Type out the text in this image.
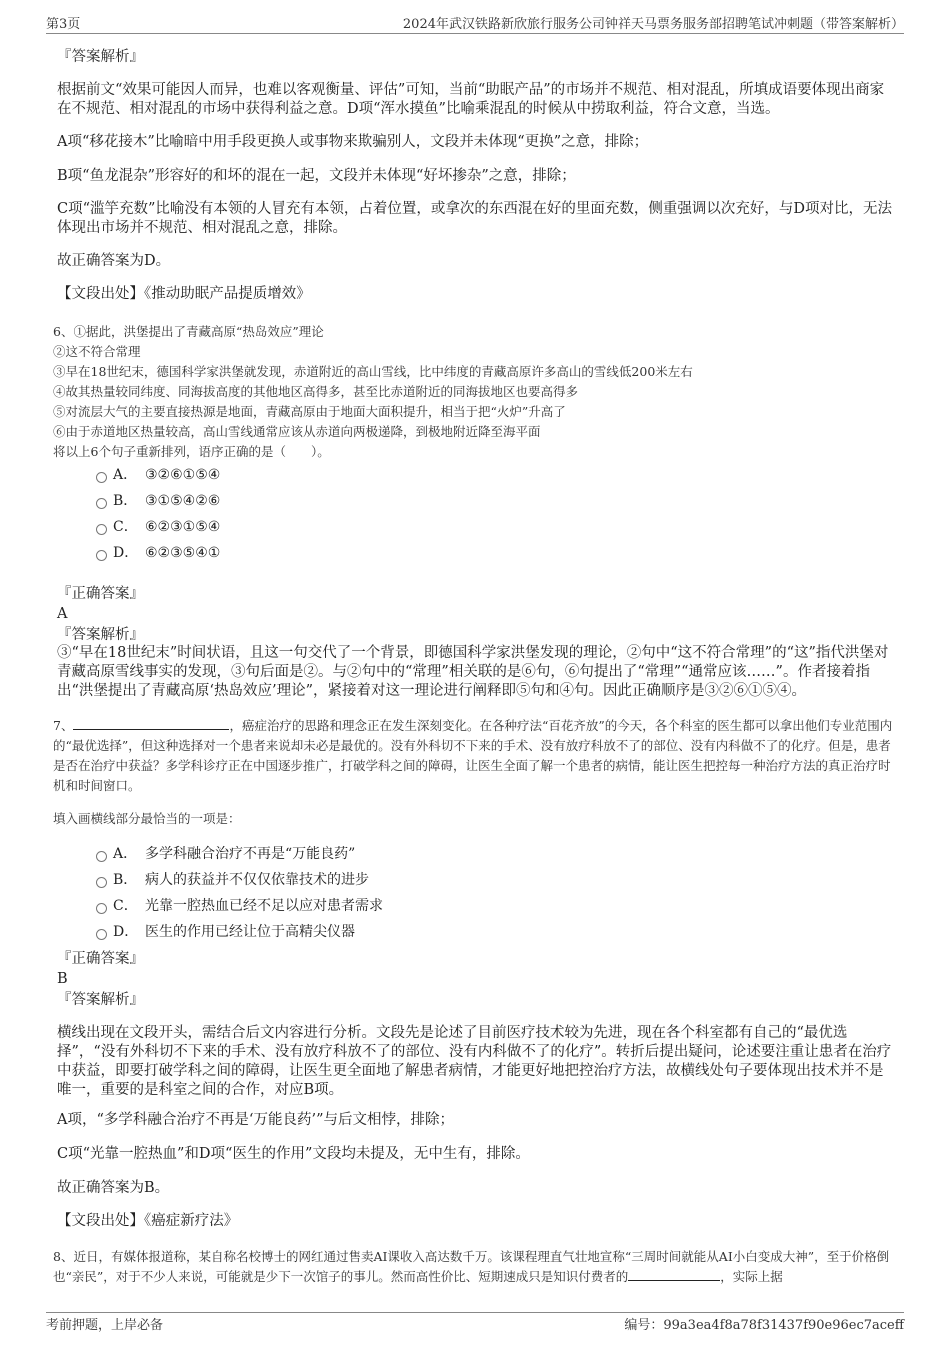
第3页	2024年武汉铁路新欣旅行服务公司钟祥天马票务服务部招聘笔试冲刺题（带答案解析）
『答案解析』
根据前文“效果可能因人而异，也难以客观衡量、评估”可知，当前“助眠产品”的市场并不规范、相对混乱，所填成语要体现出商家在不规范、相对混乱的市场中获得利益之意。D项“浑水摸鱼”比喻乘混乱的时候从中捞取利益，符合文意，当选。
A项“移花接木”比喻暗中用手段更换人或事物来欺骗别人，文段并未体现“更换”之意，排除；
B项“鱼龙混杂”形容好的和坏的混在一起，文段并未体现“好坏掺杂”之意，排除；
C项“滥竽充数”比喻没有本领的人冒充有本领，占着位置，或拿次的东西混在好的里面充数，侧重强调以次充好，与D项对比，无法体现出市场并不规范、相对混乱之意，排除。
故正确答案为D。
【文段出处】《推动助眠产品提质增效》
6、①据此，洪堡提出了青藏高原“热岛效应”理论
②这不符合常理
③早在18世纪末，德国科学家洪堡就发现，赤道附近的高山雪线，比中纬度的青藏高原许多高山的雪线低200米左右
④故其热量较同纬度、同海拔高度的其他地区高得多，甚至比赤道附近的同海拔地区也要高得多
⑤对流层大气的主要直接热源是地面，青藏高原由于地面大面积提升，相当于把“火炉”升高了
⑥由于赤道地区热量较高，高山雪线通常应该从赤道向两极递降，到极地附近降至海平面
将以上6个句子重新排列，语序正确的是（　　）。
A． ③②⑥①⑤④
B． ③①⑤④②⑥
C． ⑥②③①⑤④
D． ⑥②③⑤④①
『正确答案』
A
『答案解析』
③“早在18世纪末”时间状语，且这一句交代了一个背景，即德国科学家洪堡发现的理论，②句中“这不符合常理”的“这”指代洪堡对青藏高原雪线事实的发现，③句后面是②。与②句中的“常理”相关联的是⑥句，⑥句提出了“常理”“通常应该……”。作者接着指出“洪堡提出了青藏高原‘热岛效应’理论”，紧接着对这一理论进行阐释即⑤句和④句。因此正确顺序是③②⑥①⑤④。
7、	，癌症治疗的思路和理念正在发生深刻变化。在各种疗法“百花齐放”的今天，各个科室的医生都可以拿出他们专业范围内的“最优选择”，但这种选择对一个患者来说却未必是最优的。没有外科切不下来的手术、没有放疗科放不了的部位、没有内科做不了的化疗。但是，患者是否在治疗中获益？多学科诊疗正在中国逐步推广，打破学科之间的障碍，让医生全面了解一个患者的病情，能让医生把控每一种治疗方法的真正治疗时机和时间窗口。
填入画横线部分最恰当的一项是：
A． 多学科融合治疗不再是“万能良药”
B． 病人的获益并不仅仅依靠技术的进步
C． 光靠一腔热血已经不足以应对患者需求
D． 医生的作用已经让位于高精尖仪器
『正确答案』
B
『答案解析』
横线出现在文段开头，需结合后文内容进行分析。文段先是论述了目前医疗技术较为先进，现在各个科室都有自己的“最优选择”，“没有外科切不下来的手术、没有放疗科放不了的部位、没有内科做不了的化疗”。转折后提出疑问，论述要注重让患者在治疗中获益，即要打破学科之间的障碍，让医生更全面地了解患者病情，才能更好地把控治疗方法，故横线处句子要体现出技术并不是唯一，重要的是科室之间的合作，对应B项。
A项，“多学科融合治疗不再是‘万能良药’”与后文相悖，排除；
C项“光靠一腔热血”和D项“医生的作用”文段均未提及，无中生有，排除。
故正确答案为B。
【文段出处】《癌症新疗法》
8、近日，有媒体报道称，某自称名校博士的网红通过售卖AI课收入高达数千万。该课程理直气壮地宣称“三周时间就能从AI小白变成大神”，至于价格倒也“亲民”，对于不少人来说，可能就是少下一次馆子的事儿。然而高性价比、短期速成只是知识付费者的	，实际上据
考前押题，上岸必备	编号：99a3ea4f8a78f31437f90e96ec7aceff
